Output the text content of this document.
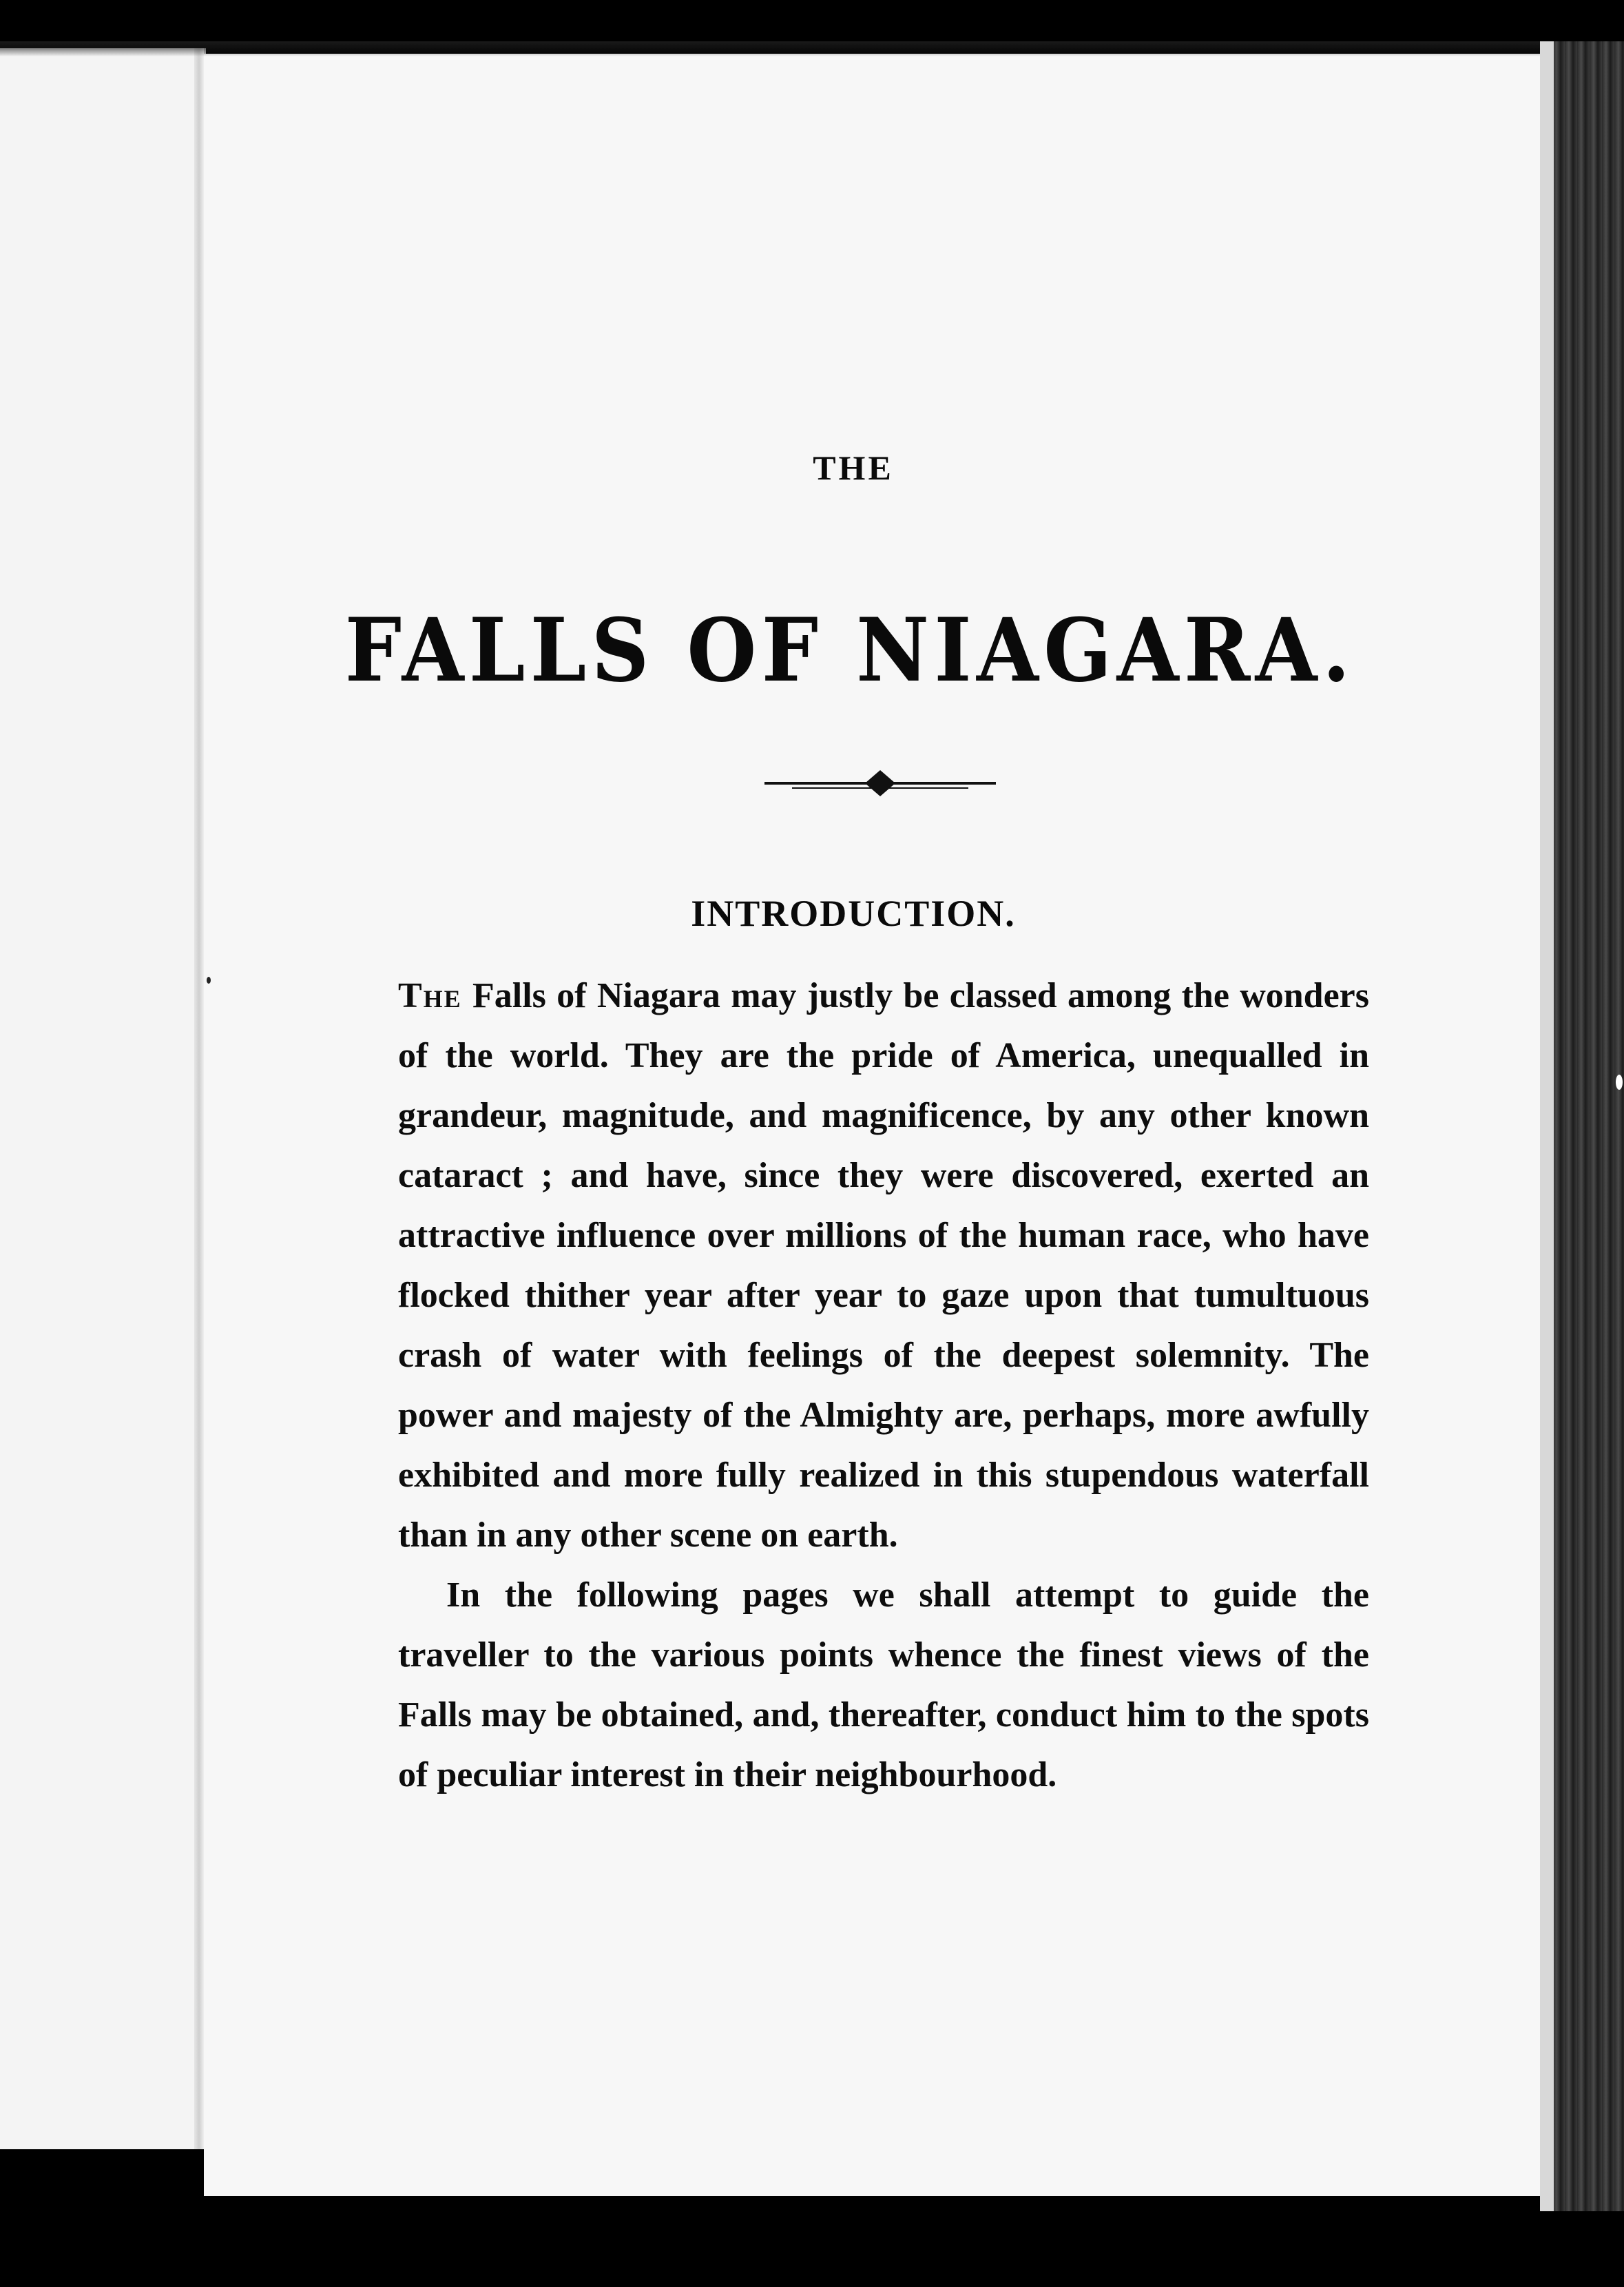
THE
FALLS OF NIAGARA.
INTRODUCTION.

The Falls of Niagara may justly be classed among the wonders of the world. They are the pride of America, unequalled in grandeur, magnitude, and magnificence, by any other known cataract ; and have, since they were discovered, exerted an attractive influence over millions of the human race, who have flocked thither year after year to gaze upon that tumultuous crash of water with feelings of the deepest solemnity. The power and majesty of the Almighty are, perhaps, more awfully exhibited and more fully realized in this stupendous waterfall than in any other scene on earth.

In the following pages we shall attempt to guide the traveller to the various points whence the finest views of the Falls may be obtained, and, thereafter, conduct him to the spots of peculiar interest in their neighbourhood.
